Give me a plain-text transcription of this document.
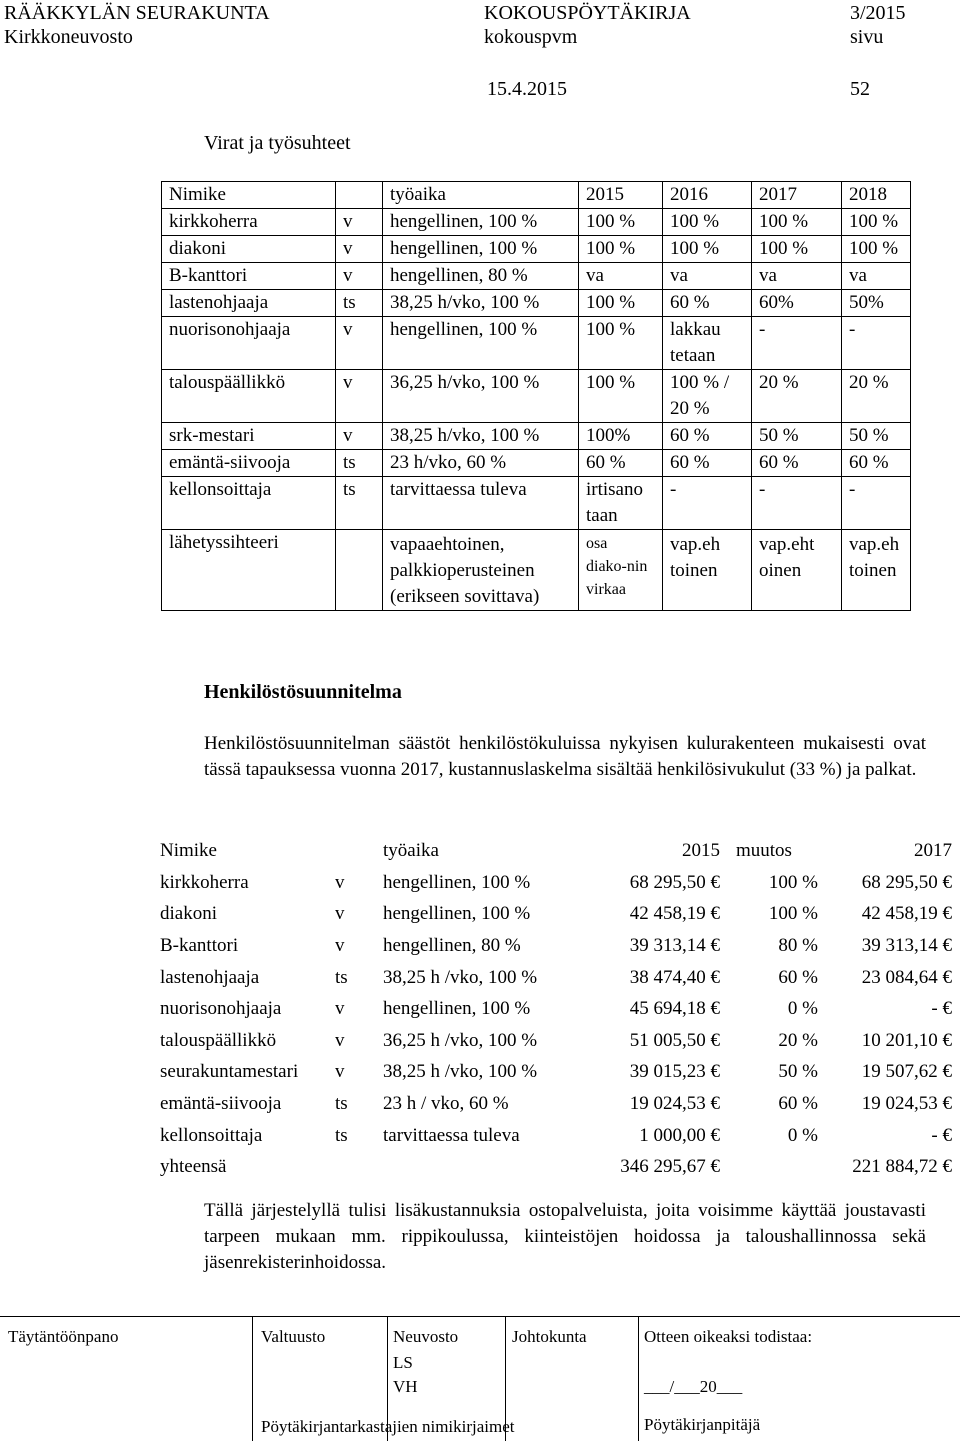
RÄÄKKYLÄN SEURAKUNTA	KOKOUSPÖYTÄKIRJA	3/2015
Kirkkoneuvosto	kokouspvm	sivu
15.4.2015	52
Virat ja työsuhteet
Nimike		työaika	2015	2016	2017	2018
kirkkoherra	v	hengellinen, 100 %	100 %	100 %	100 %	100 %
diakoni	v	hengellinen, 100 %	100 %	100 %	100 %	100 %
B-kanttori	v	hengellinen, 80 %	va	va	va	va
lastenohjaaja	ts	38,25 h/vko, 100 %	100 %	60 %	60%	50%
nuorisonohjaaja	v	hengellinen, 100 %	100 %	lakkau tetaan	-	-
talouspäällikkö	v	36,25 h/vko, 100 %	100 %	100 % / 20 %	20 %	20 %
srk-mestari	v	38,25 h/vko, 100 %	100%	60 %	50 %	50 %
emäntä-siivooja	ts	23 h/vko, 60 %	60 %	60 %	60 %	60 %
kellonsoittaja	ts	tarvittaessa tuleva	irtisano taan	-	-	-
lähetyssihteeri		vapaaehtoinen, palkkioperusteinen (erikseen sovittava)	osa diako-nin virkaa	vap.eh toinen	vap.eht oinen	vap.eh toinen
Henkilöstösuunnitelma
Henkilöstösuunnitelman säästöt henkilöstökuluissa nykyisen kulurakenteen mukaisesti ovat tässä tapauksessa vuonna 2017, kustannuslaskelma sisältää henkilösivukulut (33 %) ja palkat.
Nimike		työaika	2015	muutos	2017
kirkkoherra	v	hengellinen, 100 %	68 295,50 €	100 %	68 295,50 €
diakoni	v	hengellinen, 100 %	42 458,19 €	100 %	42 458,19 €
B-kanttori	v	hengellinen, 80 %	39 313,14 €	80 %	39 313,14 €
lastenohjaaja	ts	38,25 h /vko, 100 %	38 474,40 €	60 %	23 084,64 €
nuorisonohjaaja	v	hengellinen, 100 %	45 694,18 €	0 %	- €
talouspäällikkö	v	36,25 h /vko, 100 %	51 005,50 €	20 %	10 201,10 €
seurakuntamestari	v	38,25 h /vko, 100 %	39 015,23 €	50 %	19 507,62 €
emäntä-siivooja	ts	23 h / vko, 60 %	19 024,53 €	60 %	19 024,53 €
kellonsoittaja	ts	tarvittaessa tuleva	1 000,00 €	0 %	- €
yhteensä			346 295,67 €		221 884,72 €
Tällä järjestelyllä tulisi lisäkustannuksia ostopalveluista, joita voisimme käyttää joustavasti tarpeen mukaan mm. rippikoulussa, kiinteistöjen hoidossa ja taloushallinnossa sekä jäsenrekisterinhoidossa.
Täytäntöönpano	Valtuusto	Neuvosto	Johtokunta	Otteen oikeaksi todistaa:
LS
VH	___/___20___
Pöytäkirjantarkastajien nimikirjaimet	Pöytäkirjanpitäjä
